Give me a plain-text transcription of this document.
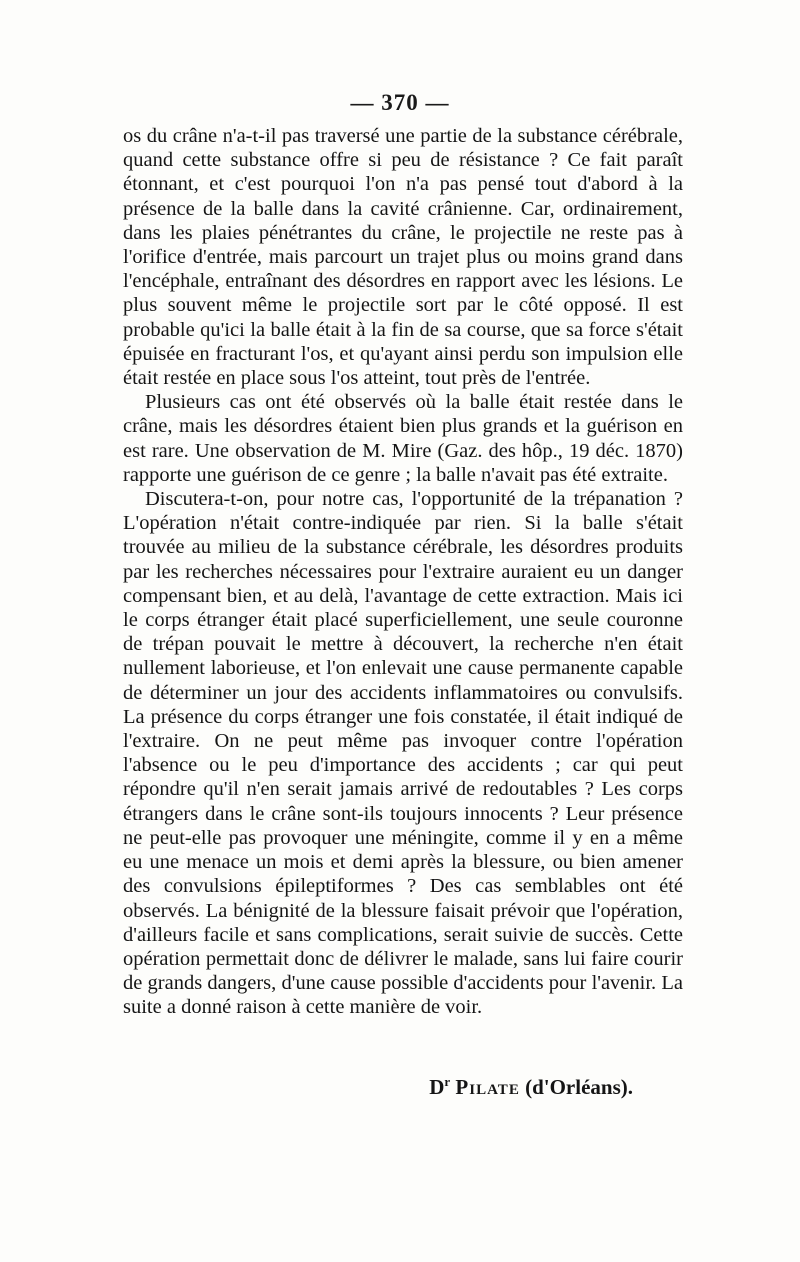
— 370 —

os du crâne n'a-t-il pas traversé une partie de la substance cérébrale, quand cette substance offre si peu de résistance ? Ce fait paraît étonnant, et c'est pourquoi l'on n'a pas pensé tout d'abord à la présence de la balle dans la cavité crânienne. Car, ordinairement, dans les plaies pénétrantes du crâne, le projectile ne reste pas à l'orifice d'entrée, mais parcourt un trajet plus ou moins grand dans l'encéphale, entraînant des désordres en rapport avec les lésions. Le plus souvent même le projectile sort par le côté opposé. Il est probable qu'ici la balle était à la fin de sa course, que sa force s'était épuisée en fracturant l'os, et qu'ayant ainsi perdu son impulsion elle était restée en place sous l'os atteint, tout près de l'entrée.

Plusieurs cas ont été observés où la balle était restée dans le crâne, mais les désordres étaient bien plus grands et la guérison en est rare. Une observation de M. Mire (Gaz. des hôp., 19 déc. 1870) rapporte une guérison de ce genre ; la balle n'avait pas été extraite.

Discutera-t-on, pour notre cas, l'opportunité de la trépanation ? L'opération n'était contre-indiquée par rien. Si la balle s'était trouvée au milieu de la substance cérébrale, les désordres produits par les recherches nécessaires pour l'extraire auraient eu un danger compensant bien, et au delà, l'avantage de cette extraction. Mais ici le corps étranger était placé superficiellement, une seule couronne de trépan pouvait le mettre à découvert, la recherche n'en était nullement laborieuse, et l'on enlevait une cause permanente capable de déterminer un jour des accidents inflammatoires ou convulsifs. La présence du corps étranger une fois constatée, il était indiqué de l'extraire. On ne peut même pas invoquer contre l'opération l'absence ou le peu d'importance des accidents ; car qui peut répondre qu'il n'en serait jamais arrivé de redoutables ? Les corps étrangers dans le crâne sont-ils toujours innocents ? Leur présence ne peut-elle pas provoquer une méningite, comme il y en a même eu une menace un mois et demi après la blessure, ou bien amener des convulsions épileptiformes ? Des cas semblables ont été observés. La bénignité de la blessure faisait prévoir que l'opération, d'ailleurs facile et sans complications, serait suivie de succès. Cette opération permettait donc de délivrer le malade, sans lui faire courir de grands dangers, d'une cause possible d'accidents pour l'avenir. La suite a donné raison à cette manière de voir.

$D^r$ Pilate (d'Orléans).
